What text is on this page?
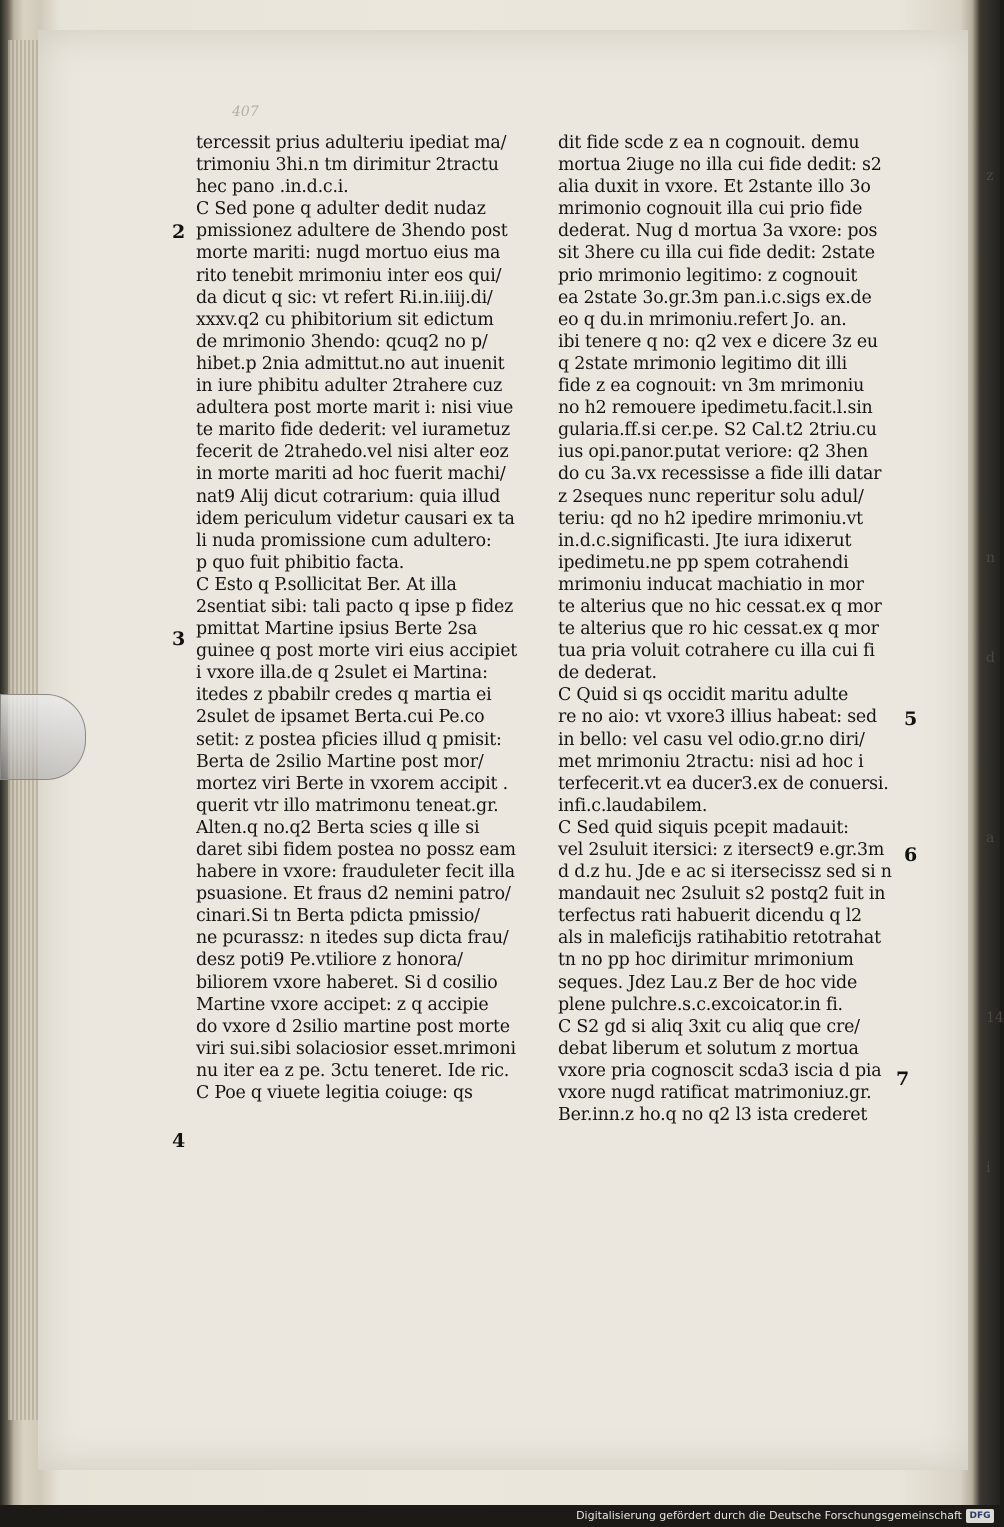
407
tercessit prius adulteriu ipediat ma/
trimoniu 3hi.n tm dirimitur 2tractu
hec pano .in.d.c.i.
C Sed pone q adulter dedit nudaz
pmissionez adultere de 3hendo post
morte mariti: nugd mortuo eius ma
rito tenebit mrimoniu inter eos qui/
da dicut q sic: vt refert Ri.in.iiij.di/
xxxv.q2 cu phibitorium sit edictum
de mrimonio 3hendo: qcuq2 no p/
hibet.p 2nia admittut.no aut inuenit
in iure phibitu adulter 2trahere cuz
adultera post morte marit i: nisi viue
te marito fide dederit: vel iurametuz
fecerit de 2trahedo.vel nisi alter eoz
in morte mariti ad hoc fuerit machi/
nat9 Alij dicut cotrarium: quia illud
idem periculum videtur causari ex ta
li nuda promissione cum adultero:
p quo fuit phibitio facta.
C Esto q P.sollicitat Ber. At illa
2sentiat sibi: tali pacto q ipse p fidez
pmittat Martine ipsius Berte 2sa
guinee q post morte viri eius accipiet
i vxore illa.de q 2sulet ei Martina:
itedes z pbabilr credes q martia ei
2sulet de ipsamet Berta.cui Pe.co
setit: z postea pficies illud q pmisit:
Berta de 2silio Martine post mor/
mortez viri Berte in vxorem accipit .
querit vtr illo matrimonu teneat.gr.
Alten.q no.q2 Berta scies q ille si
daret sibi fidem postea no possz eam
habere in vxore: frauduleter fecit illa
psuasione. Et fraus d2 nemini patro/
cinari.Si tn Berta pdicta pmissio/
ne pcurassz: n itedes sup dicta frau/
desz poti9 Pe.vtiliore z honora/
biliorem vxore haberet. Si d cosilio
Martine vxore accipet: z q accipie
do vxore d 2silio martine post morte
viri sui.sibi solaciosior esset.mrimoni
nu iter ea z pe. 3ctu teneret. Ide ric.
C Poe q viuete legitia coiuge: qs
dit fide scde z ea n cognouit. demu
mortua 2iuge no illa cui fide dedit: s2
alia duxit in vxore. Et 2stante illo 3o
mrimonio cognouit illa cui prio fide
dederat. Nug d mortua 3a vxore: pos
sit 3here cu illa cui fide dedit: 2state
prio mrimonio legitimo: z cognouit
ea 2state 3o.gr.3m pan.i.c.sigs ex.de
eo q du.in mrimoniu.refert Jo. an.
ibi tenere q no: q2 vex e dicere 3z eu
q 2state mrimonio legitimo dit illi
fide z ea cognouit: vn 3m mrimoniu
no h2 remouere ipedimetu.facit.l.sin
gularia.ff.si cer.pe. S2 Cal.t2 2triu.cu
ius opi.panor.putat veriore: q2 3hen
do cu 3a.vx recessisse a fide illi datar
z 2seques nunc reperitur solu adul/
teriu: qd no h2 ipedire mrimoniu.vt
in.d.c.significasti. Jte iura idixerut
ipedimetu.ne pp spem cotrahendi
mrimoniu inducat machiatio in mor
te alterius que no hic cessat.ex q mor
te alterius que ro hic cessat.ex q mor
tua pria voluit cotrahere cu illa cui fi
de dederat.
C Quid si qs occidit maritu adulte
re no aio: vt vxore3 illius habeat: sed
in bello: vel casu vel odio.gr.no diri/
met mrimoniu 2tractu: nisi ad hoc i
terfecerit.vt ea ducer3.ex de conuersi.
infi.c.laudabilem.
C Sed quid siquis pcepit madauit:
vel 2suluit itersici: z itersect9 e.gr.3m
d d.z hu. Jde e ac si itersecissz sed si n
mandauit nec 2suluit s2 postq2 fuit in
terfectus rati habuerit dicendu q l2
als in maleficijs ratihabitio retotrahat
tn no pp hoc dirimitur mrimonium
seques. Jdez Lau.z Ber de hoc vide
plene pulchre.s.c.excoicator.in fi.
C S2 gd si aliq 3xit cu aliq que cre/
debat liberum et solutum z mortua
vxore pria cognoscit scda3 iscia d pia
vxore nugd ratificat matrimoniuz.gr.
Ber.inn.z ho.q no q2 l3 ista crederet
2
3
4
5
6
7
z
n
d
a
14
i
Digitalisierung gefördert durch die Deutsche Forschungsgemeinschaft DFG
